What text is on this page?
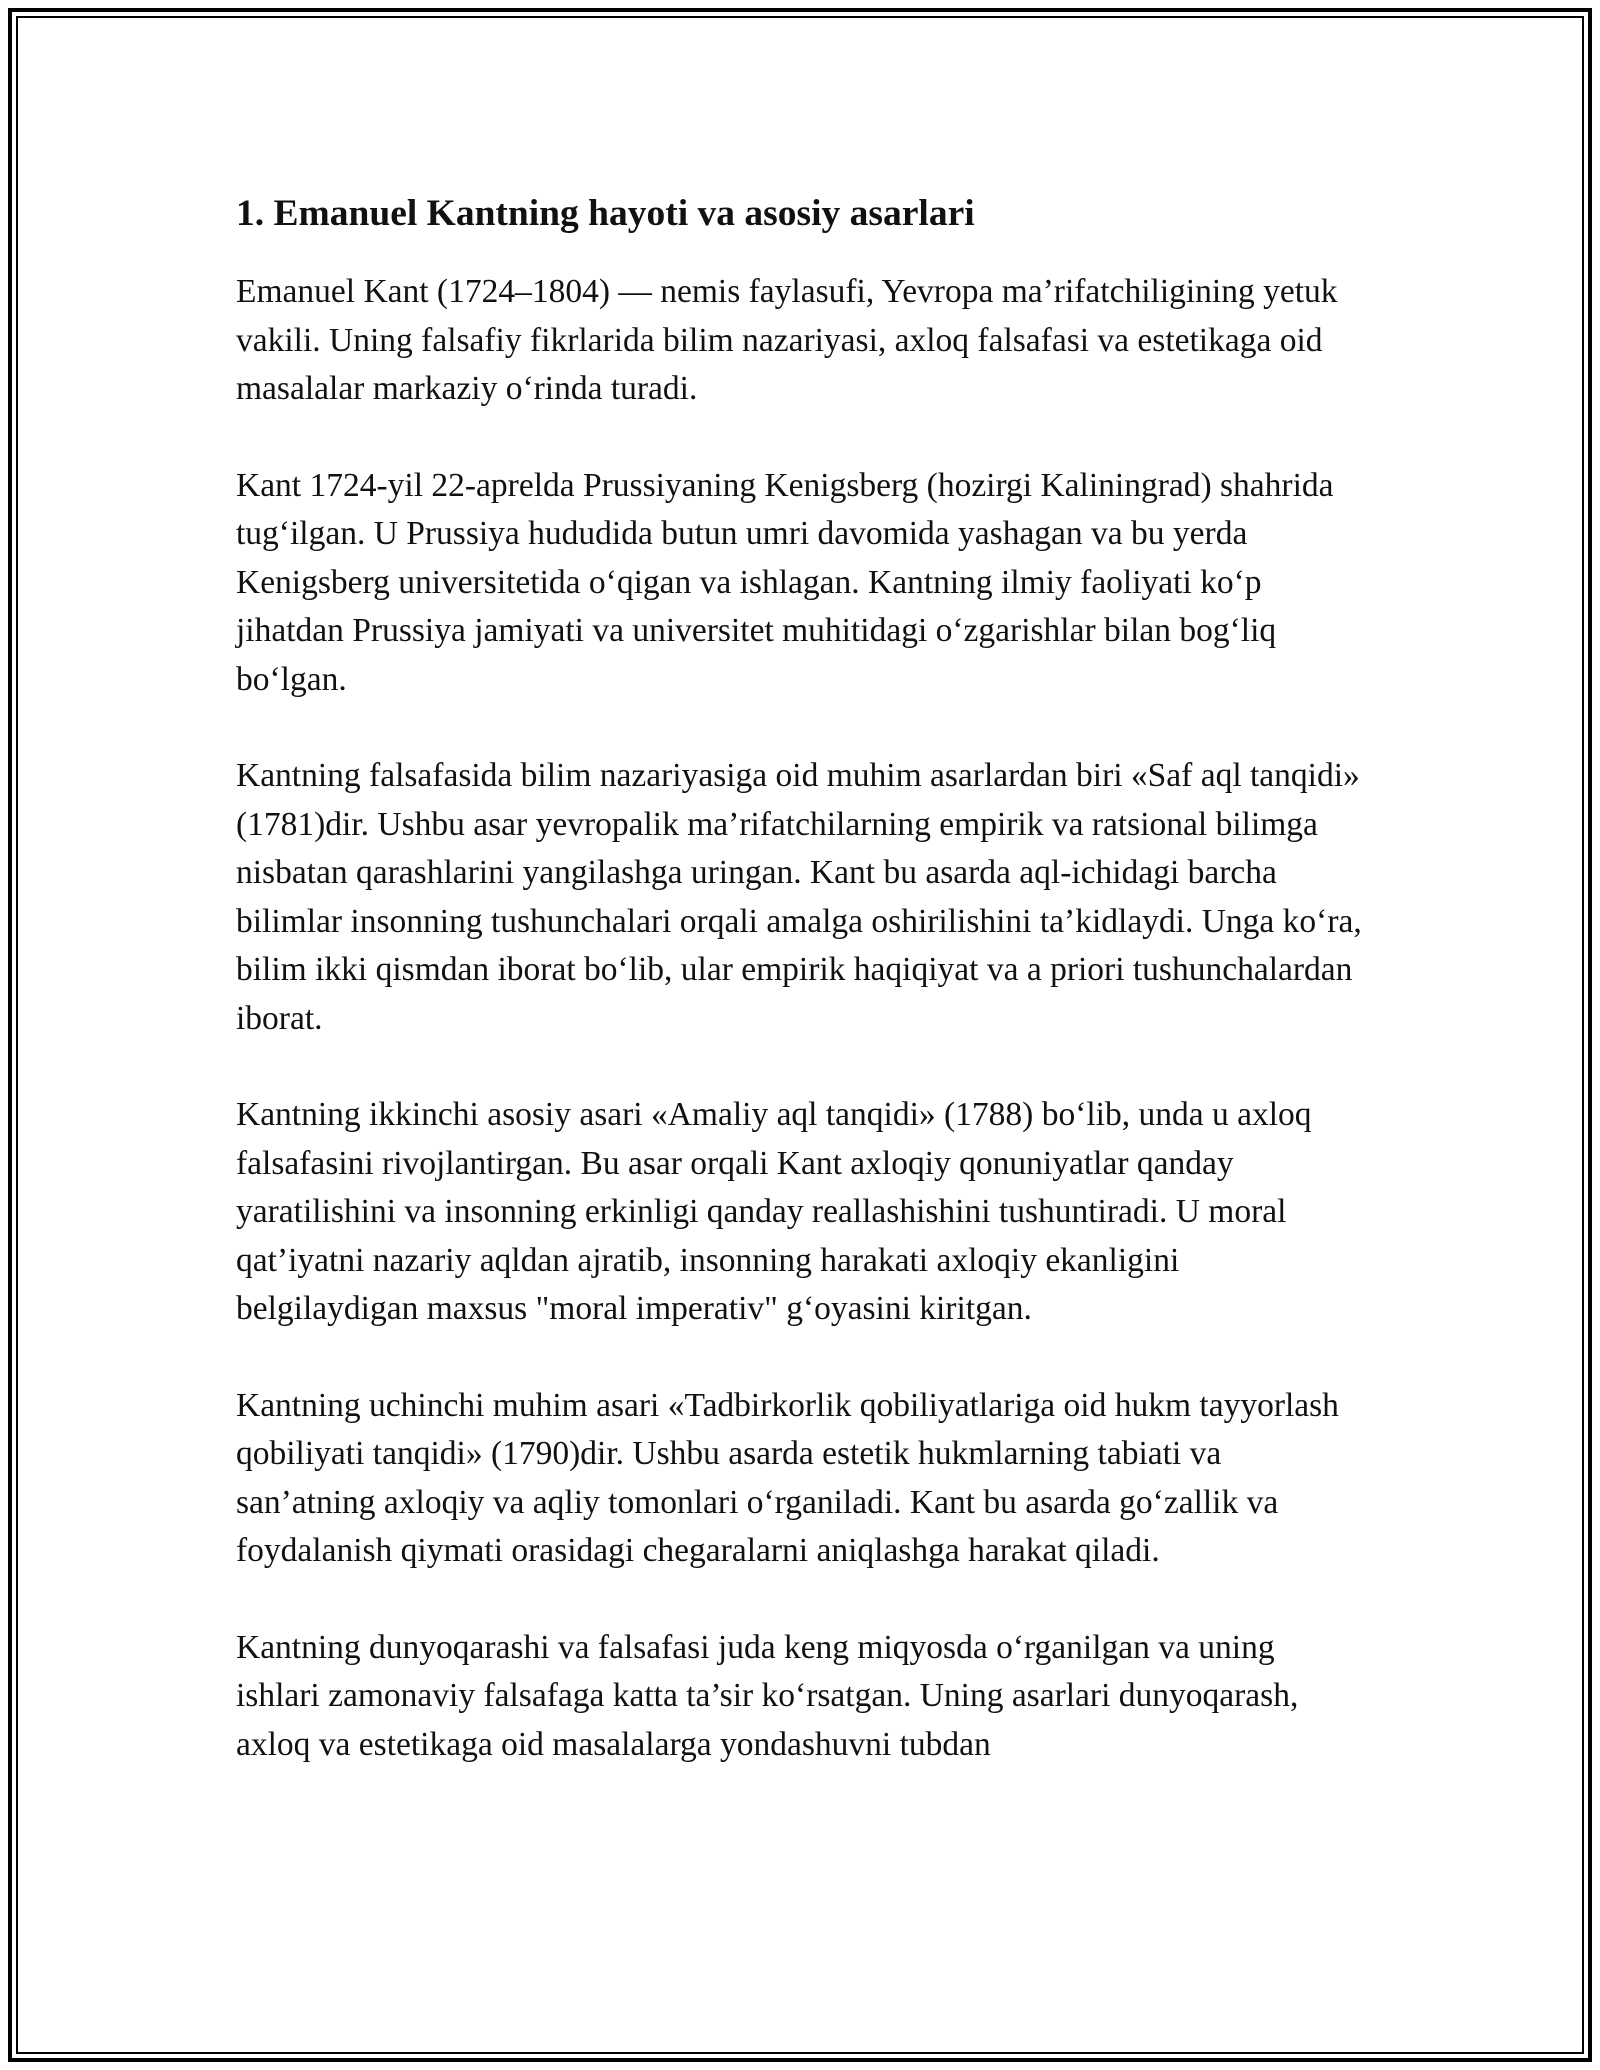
1. Emanuel Kantning hayoti va asosiy asarlari

Emanuel Kant (1724–1804) — nemis faylasufi, Yevropa ma’rifatchiligining yetuk vakili. Uning falsafiy fikrlarida bilim nazariyasi, axloq falsafasi va estetikaga oid masalalar markaziy o‘rinda turadi.

Kant 1724-yil 22-aprelda Prussiyaning Kenigsberg (hozirgi Kaliningrad) shahrida tug‘ilgan. U Prussiya hududida butun umri davomida yashagan va bu yerda Kenigsberg universitetida o‘qigan va ishlagan. Kantning ilmiy faoliyati ko‘p jihatdan Prussiya jamiyati va universitet muhitidagi o‘zgarishlar bilan bog‘liq bo‘lgan.

Kantning falsafasida bilim nazariyasiga oid muhim asarlardan biri «Saf aql tanqidi» (1781)dir. Ushbu asar yevropalik ma’rifatchilarning empirik va ratsional bilimga nisbatan qarashlarini yangilashga uringan. Kant bu asarda aql-ichidagi barcha bilimlar insonning tushunchalari orqali amalga oshirilishini ta’kidlaydi. Unga ko‘ra, bilim ikki qismdan iborat bo‘lib, ular empirik haqiqiyat va a priori tushunchalardan iborat.

Kantning ikkinchi asosiy asari «Amaliy aql tanqidi» (1788) bo‘lib, unda u axloq falsafasini rivojlantirgan. Bu asar orqali Kant axloqiy qonuniyatlar qanday yaratilishini va insonning erkinligi qanday reallashishini tushuntiradi. U moral qat’iyatni nazariy aqldan ajratib, insonning harakati axloqiy ekanligini belgilaydigan maxsus "moral imperativ" g‘oyasini kiritgan.

Kantning uchinchi muhim asari «Tadbirkorlik qobiliyatlariga oid hukm tayyorlash qobiliyati tanqidi» (1790)dir. Ushbu asarda estetik hukmlarning tabiati va san’atning axloqiy va aqliy tomonlari o‘rganiladi. Kant bu asarda go‘zallik va foydalanish qiymati orasidagi chegaralarni aniqlashga harakat qiladi.

Kantning dunyoqarashi va falsafasi juda keng miqyosda o‘rganilgan va uning ishlari zamonaviy falsafaga katta ta’sir ko‘rsatgan. Uning asarlari dunyoqarash, axloq va estetikaga oid masalalarga yondashuvni tubdan
